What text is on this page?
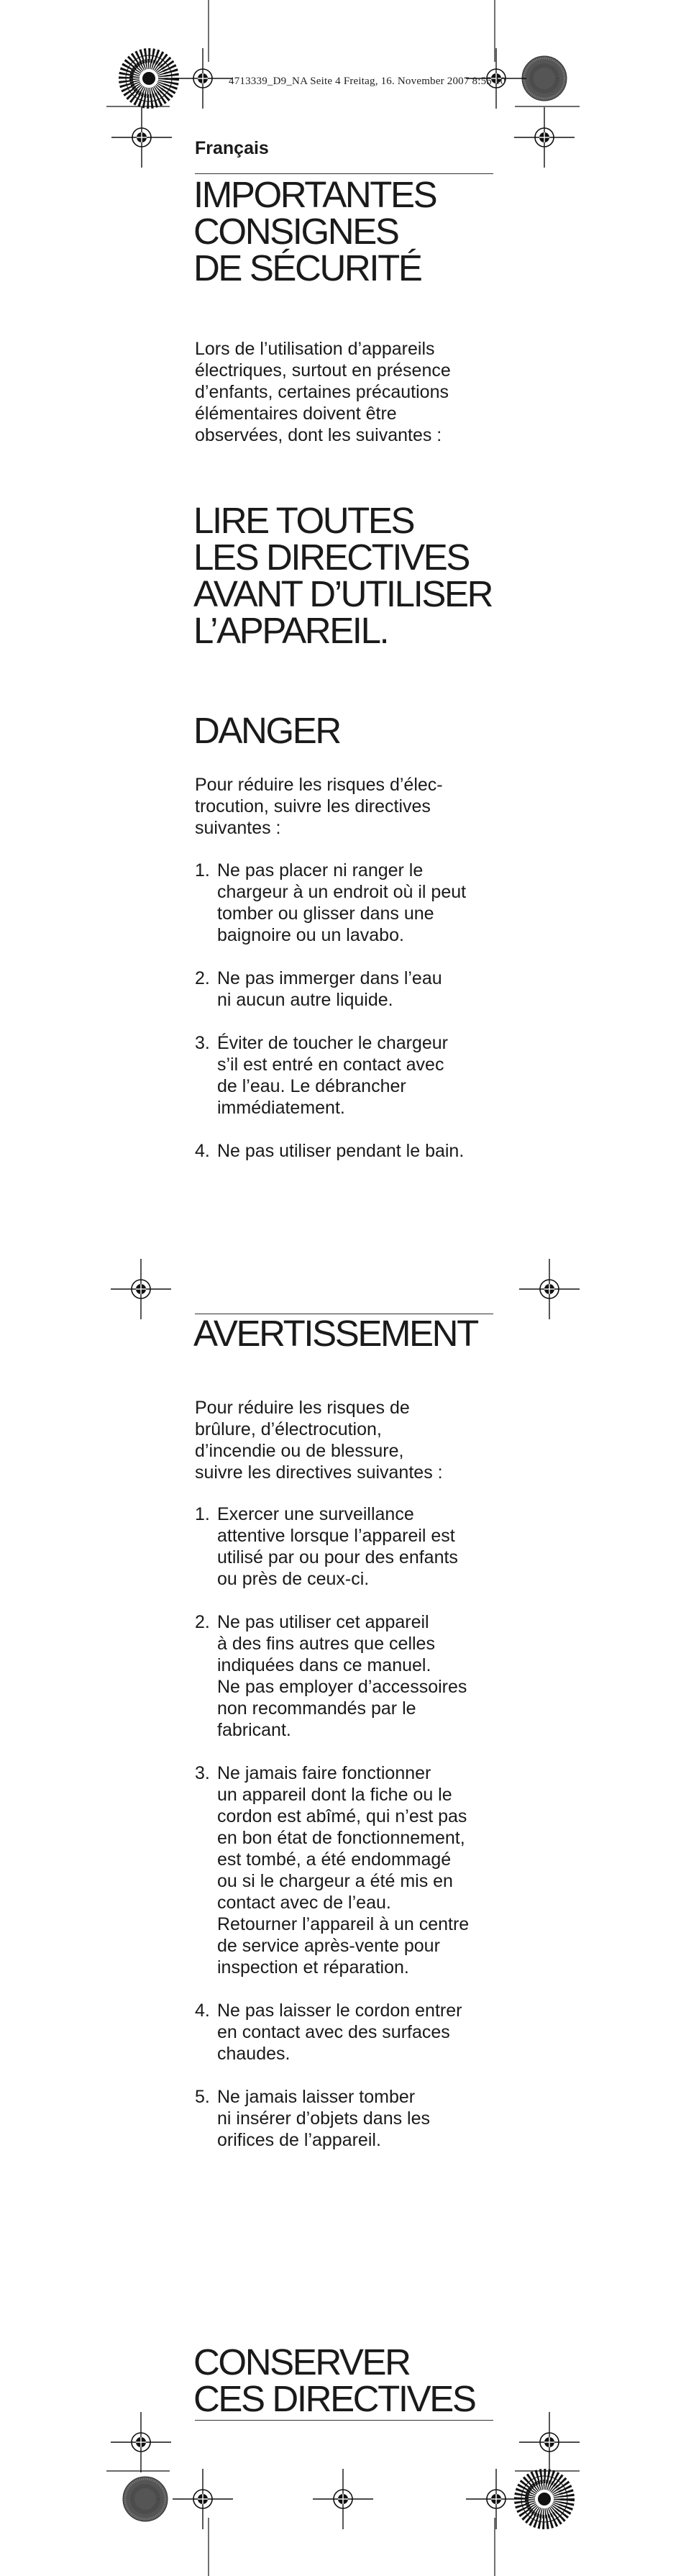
4713339_D9_NA Seite 4 Freitag, 16. November 2007 8:55 10
Français
IMPORTANTES
CONSIGNES
DE SÉCURITÉ

Lors de l’utilisation d’appareils
électriques, surtout en présence
d’enfants, certaines précautions
élémentaires doivent être
observées, dont les suivantes :

LIRE TOUTES
LES DIRECTIVES
AVANT D’UTILISER
L’APPAREIL.
DANGER

Pour réduire les risques d’élec-
trocution, suivre les directives
suivantes :

1. Ne pas placer ni ranger le
chargeur à un endroit où il peut
tomber ou glisser dans une
baignoire ou un lavabo.
2. Ne pas immerger dans l’eau
ni aucun autre liquide.
3. Éviter de toucher le chargeur
s’il est entré en contact avec
de l’eau. Le débrancher
immédiatement.
4. Ne pas utiliser pendant le bain.
AVERTISSEMENT

Pour réduire les risques de
brûlure, d’électrocution,
d’incendie ou de blessure,
suivre les directives suivantes :

1. Exercer une surveillance
attentive lorsque l’appareil est
utilisé par ou pour des enfants
ou près de ceux-ci.
2. Ne pas utiliser cet appareil
à des fins autres que celles
indiquées dans ce manuel.
Ne pas employer d’accessoires
non recommandés par le
fabricant.
3. Ne jamais faire fonctionner
un appareil dont la fiche ou le
cordon est abîmé, qui n’est pas
en bon état de fonctionnement,
est tombé, a été endommagé
ou si le chargeur a été mis en
contact avec de l’eau.
Retourner l’appareil à un centre
de service après-vente pour
inspection et réparation.
4. Ne pas laisser le cordon entrer
en contact avec des surfaces
chaudes.
5. Ne jamais laisser tomber
ni insérer d’objets dans les
orifices de l’appareil.
CONSERVER
CES DIRECTIVES
